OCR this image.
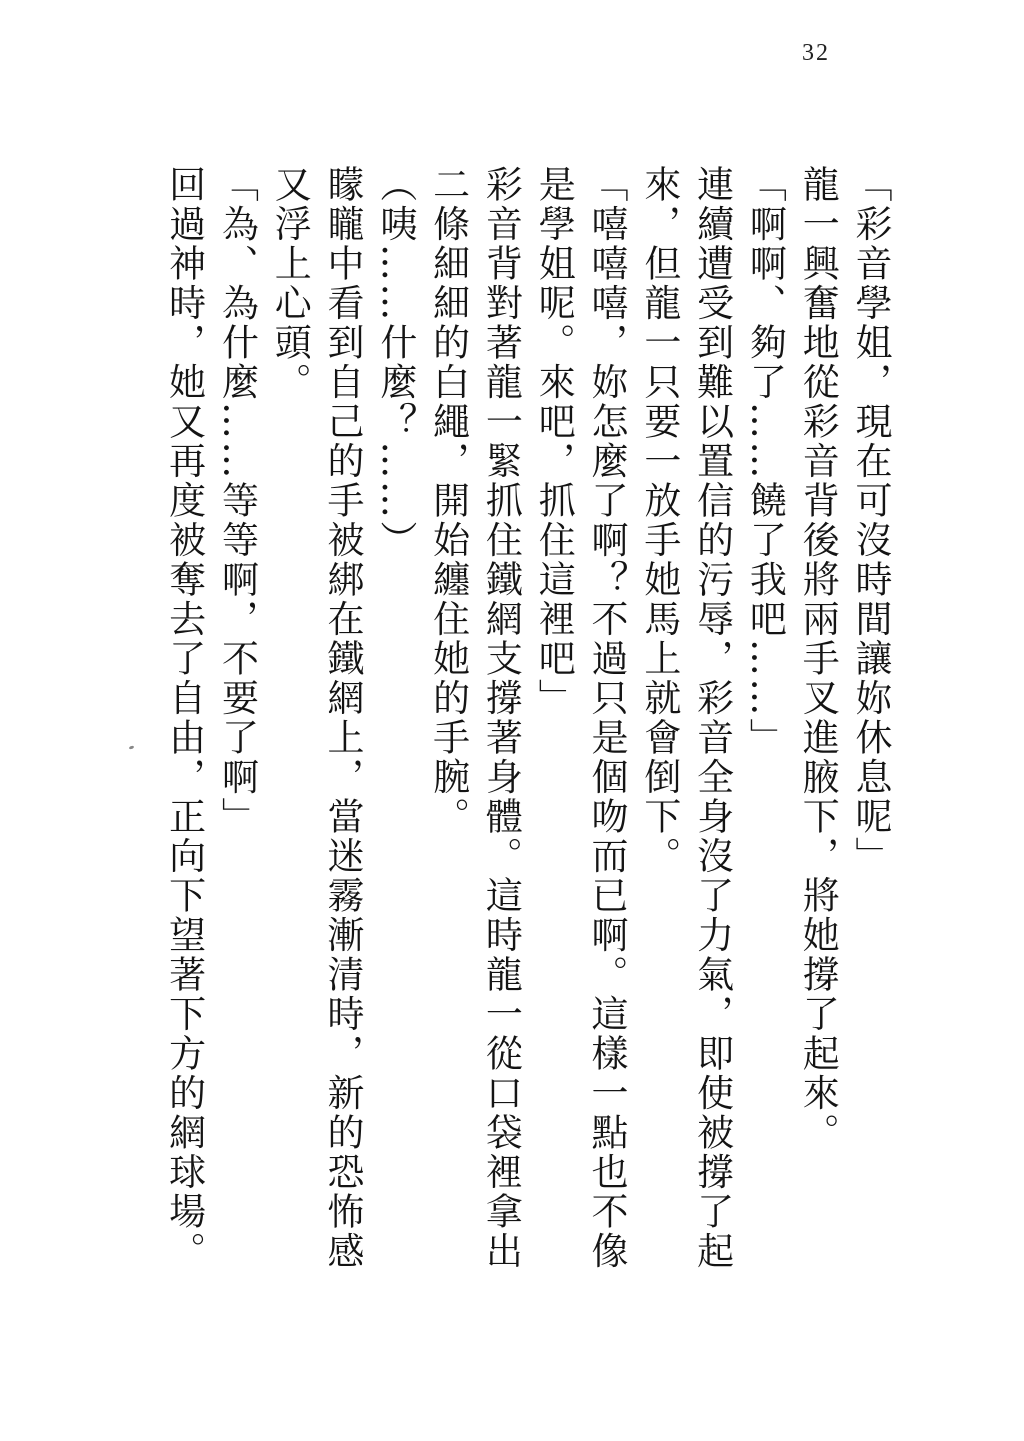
32

「彩音學姐，現在可沒時間讓妳休息呢」

龍一興奮地從彩音背後將兩手叉進腋下，將她撐了起來。

「啊啊、夠了……饒了我吧……」

連續遭受到難以置信的污辱，彩音全身沒了力氣，即使被撐了起來，但龍一只要一放手她馬上就會倒下。

「嘻嘻嘻，妳怎麼了啊？不過只是個吻而已啊。這樣一點也不像是學姐呢。來吧，抓住這裡吧」

彩音背對著龍一緊抓住鐵網支撐著身體。這時龍一從口袋裡拿出二條細細的白繩，開始纏住她的手腕。

（咦……什麼？……）

矇矓中看到自己的手被綁在鐵網上，當迷霧漸清時，新的恐怖感又浮上心頭。

「為、為什麼……等等啊，不要了啊」

回過神時，她又再度被奪去了自由，正向下望著下方的網球場。
